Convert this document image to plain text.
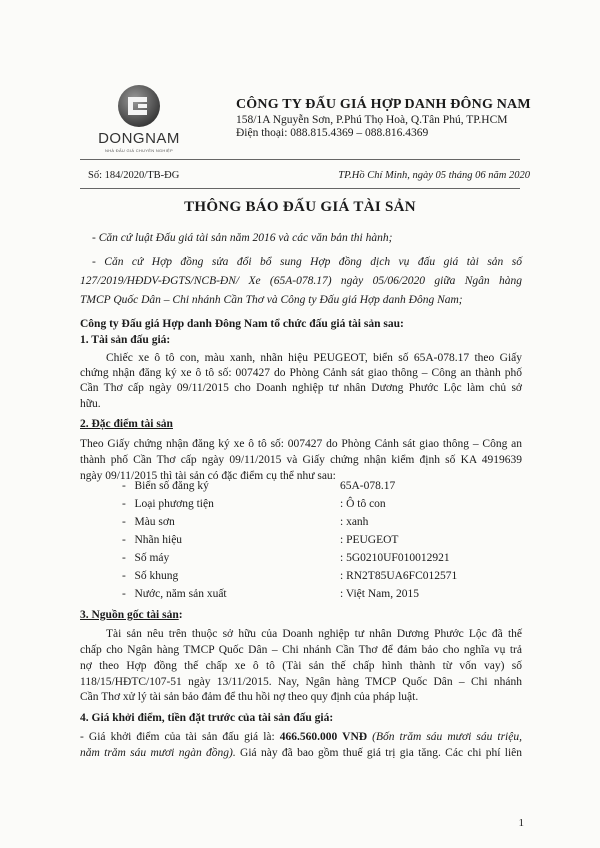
DONGNAM
NHÀ ĐẤU GIÁ CHUYÊN NGHIỆP
CÔNG TY ĐẤU GIÁ HỢP DANH ĐÔNG NAM
158/1A Nguyễn Sơn, P.Phú Thọ Hoà, Q.Tân Phú, TP.HCM
Điện thoại: 088.815.4369 – 088.816.4369
Số: 184/2020/TB-ĐG	TP.Hồ Chí Minh, ngày 05 tháng 06 năm 2020
THÔNG BÁO ĐẤU GIÁ TÀI SẢN
- Căn cứ luật Đấu giá tài sản năm 2016 và các văn bản thi hành;
- Căn cứ Hợp đồng sửa đổi bổ sung Hợp đồng dịch vụ đấu giá tài sản số
127/2019/HĐDV-ĐGTS/NCB-ĐN/ Xe (65A-078.17) ngày 05/06/2020 giữa Ngân hàng
TMCP Quốc Dân – Chi nhánh Cần Thơ và Công ty Đấu giá Hợp danh Đông Nam;
Công ty Đấu giá Hợp danh Đông Nam tổ chức đấu giá tài sản sau:
1. Tài sản đấu giá:
Chiếc xe ô tô con, màu xanh, nhãn hiệu PEUGEOT, biển số 65A-078.17 theo Giấy
chứng nhận đăng ký xe ô tô số: 007427 do Phòng Cảnh sát giao thông – Công an thành phố
Cần Thơ cấp ngày 09/11/2015 cho Doanh nghiệp tư nhân Dương Phước Lộc làm chủ sở
hữu.
2. Đặc điểm tài sản
Theo Giấy chứng nhận đăng ký xe ô tô số: 007427 do Phòng Cảnh sát giao thông – Công an
thành phố Cần Thơ cấp ngày 09/11/2015 và Giấy chứng nhận kiểm định số KA 4919639
ngày 09/11/2015 thì tài sản có đặc điểm cụ thể như sau:
-   Biển số đăng ký	65A-078.17
-   Loại phương tiện	: Ô tô con
-   Màu sơn	: xanh
-   Nhãn hiệu	: PEUGEOT
-   Số máy	: 5G0210UF010012921
-   Số khung	: RN2T85UA6FC012571
-   Nước, năm sản xuất	: Việt Nam, 2015
3. Nguồn gốc tài sản:
Tài sản nêu trên thuộc sở hữu của Doanh nghiệp tư nhân Dương Phước Lộc đã thế
chấp cho Ngân hàng TMCP Quốc Dân – Chi nhánh Cần Thơ để đảm bảo cho nghĩa vụ trả
nợ theo Hợp đồng thế chấp xe ô tô (Tài sản thế chấp hình thành từ vốn vay) số
118/15/HĐTC/107-51 ngày 13/11/2015. Nay, Ngân hàng TMCP Quốc Dân – Chi nhánh
Cần Thơ xử lý tài sản bảo đảm để thu hồi nợ theo quy định của pháp luật.
4. Giá khởi điểm, tiền đặt trước của tài sản đấu giá:
- Giá khởi điểm của tài sản đấu giá là: 466.560.000 VNĐ (Bốn trăm sáu mươi sáu triệu,
năm trăm sáu mươi ngàn đồng). Giá này đã bao gồm thuế giá trị gia tăng. Các chi phí liên
1
